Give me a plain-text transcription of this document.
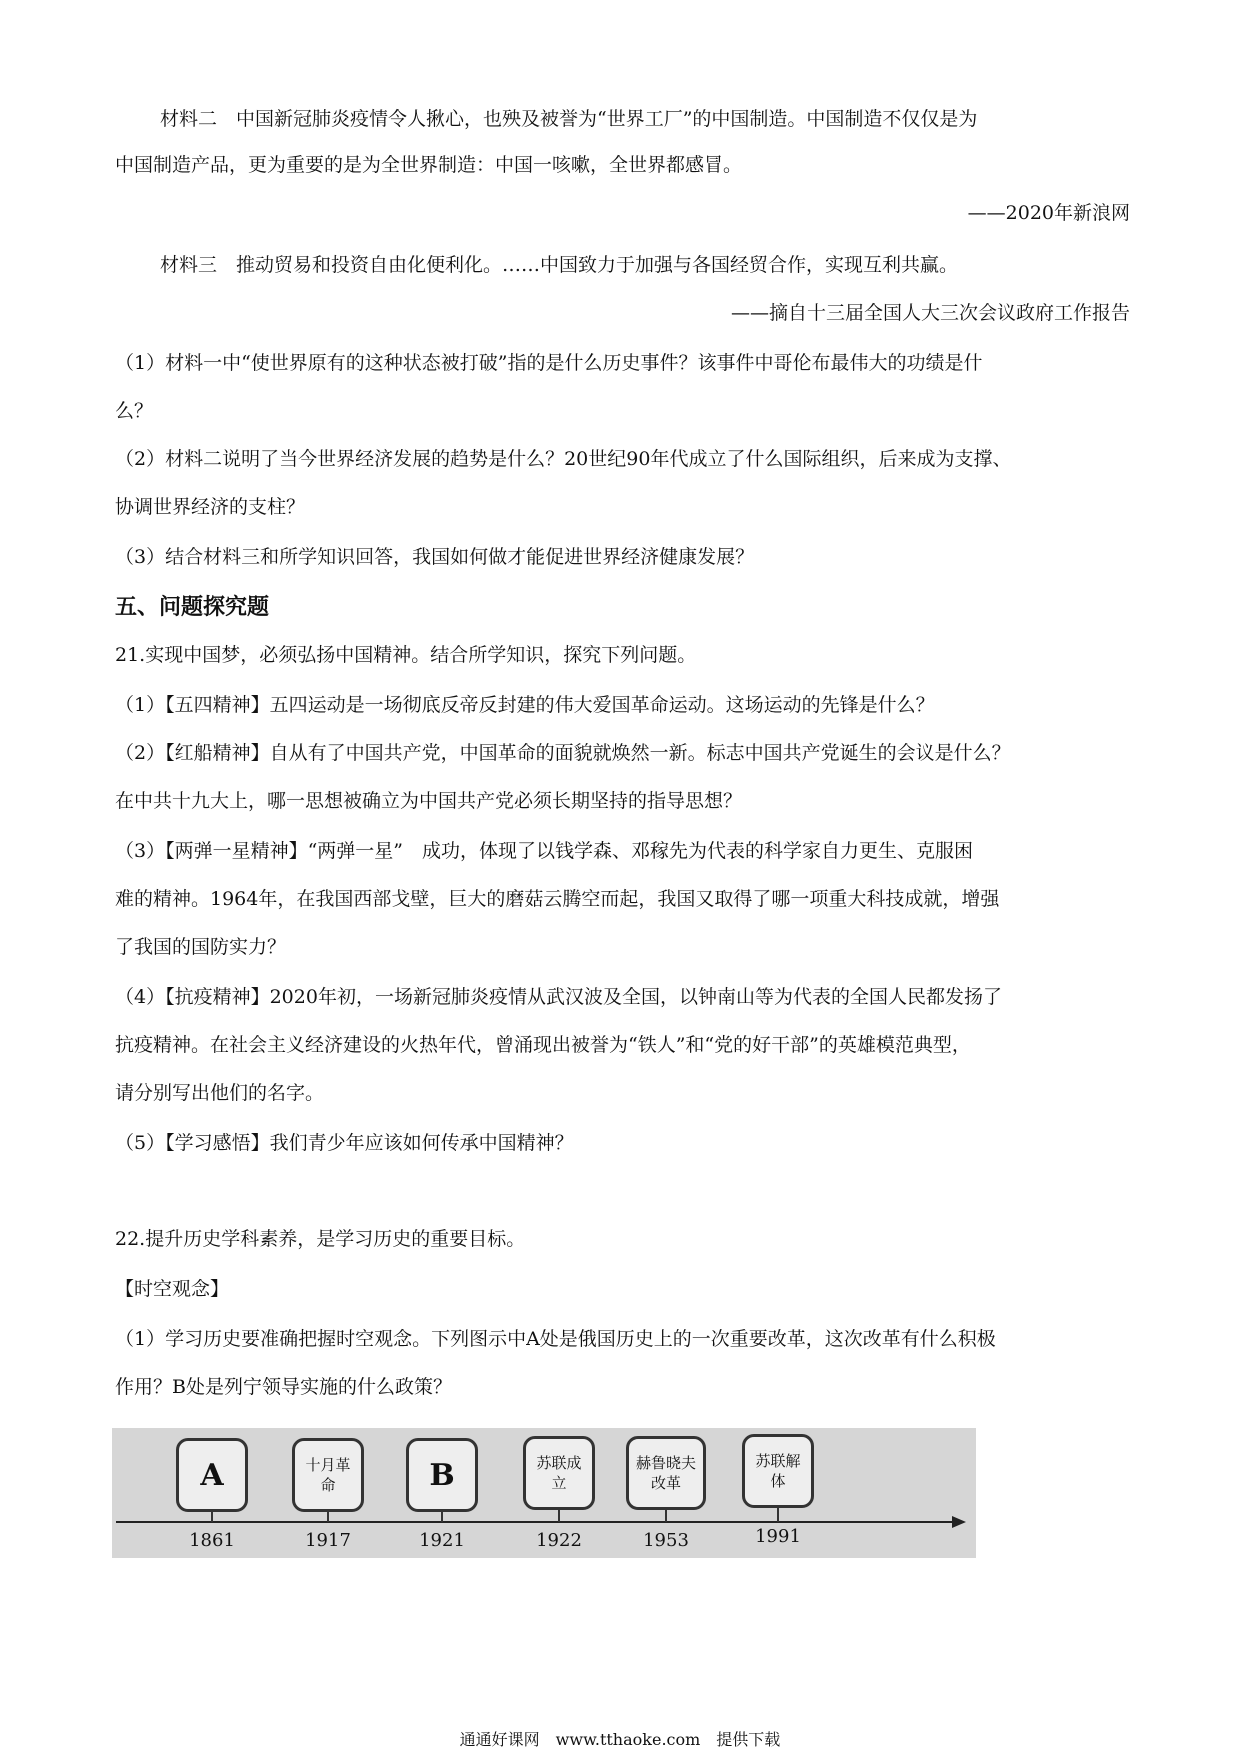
材料二　中国新冠肺炎疫情令人揪心，也殃及被誉为“世界工厂”的中国制造。中国制造不仅仅是为
中国制造产品，更为重要的是为全世界制造：中国一咳嗽，全世界都感冒。
——2020年新浪网
材料三　推动贸易和投资自由化便利化。……中国致力于加强与各国经贸合作，实现互利共赢。
——摘自十三届全国人大三次会议政府工作报告
（1）材料一中“使世界原有的这种状态被打破”指的是什么历史事件？该事件中哥伦布最伟大的功绩是什
么？
（2）材料二说明了当今世界经济发展的趋势是什么？20世纪90年代成立了什么国际组织，后来成为支撑、
协调世界经济的支柱？
（3）结合材料三和所学知识回答，我国如何做才能促进世界经济健康发展？
五、问题探究题
21.实现中国梦，必须弘扬中国精神。结合所学知识，探究下列问题。
（1）【五四精神】五四运动是一场彻底反帝反封建的伟大爱国革命运动。这场运动的先锋是什么？
（2）【红船精神】自从有了中国共产党，中国革命的面貌就焕然一新。标志中国共产党诞生的会议是什么？
在中共十九大上，哪一思想被确立为中国共产党必须长期坚持的指导思想？
（3）【两弹一星精神】“两弹一星”　成功，体现了以钱学森、邓稼先为代表的科学家自力更生、克服困
难的精神。1964年，在我国西部戈壁，巨大的磨菇云腾空而起，我国又取得了哪一项重大科技成就，增强
了我国的国防实力？
（4）【抗疫精神】2020年初，一场新冠肺炎疫情从武汉波及全国，以钟南山等为代表的全国人民都发扬了
抗疫精神。在社会主义经济建设的火热年代，曾涌现出被誉为“铁人”和“党的好干部”的英雄模范典型，
请分别写出他们的名字。
（5）【学习感悟】我们青少年应该如何传承中国精神？
22.提升历史学科素养，是学习历史的重要目标。
【时空观念】
（1）学习历史要准确把握时空观念。下列图示中A处是俄国历史上的一次重要改革，这次改革有什么积极
作用？B处是列宁领导实施的什么政策？
A
1861
十月革命
1917
B
1921
苏联成立
1922
赫鲁晓夫改革
1953
苏联解体
1991
通通好课网　www.tthaoke.com　提供下载
